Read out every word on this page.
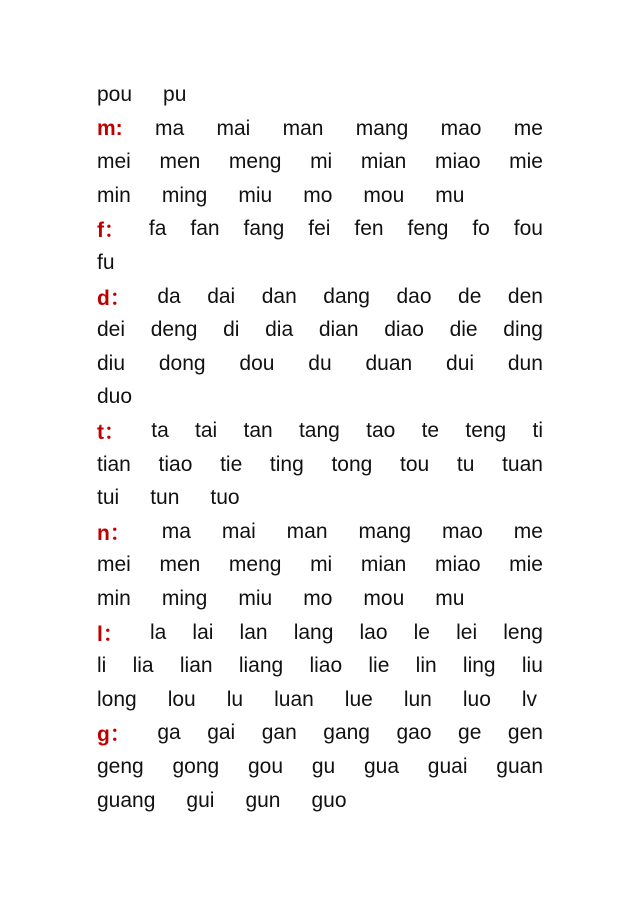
pou pu
m: ma mai man mang mao me
mei men meng mi mian miao mie
min ming miu mo mou mu
f： fa fan fang fei fen feng fo fou
fu
d： da dai dan dang dao de den
dei deng di dia dian diao die ding
diu dong dou du duan dui dun
duo
t： ta tai tan tang tao te teng ti
tian tiao tie ting tong tou tu tuan
tui tun tuo
n： ma mai man mang mao me
mei men meng mi mian miao mie
min ming miu mo mou mu
l： la lai lan lang lao le lei leng
li lia lian liang liao lie lin ling liu
long lou lu luan lue lun luo lv
g： ga gai gan gang gao ge gen
geng gong gou gu gua guai guan
guang gui gun guo
